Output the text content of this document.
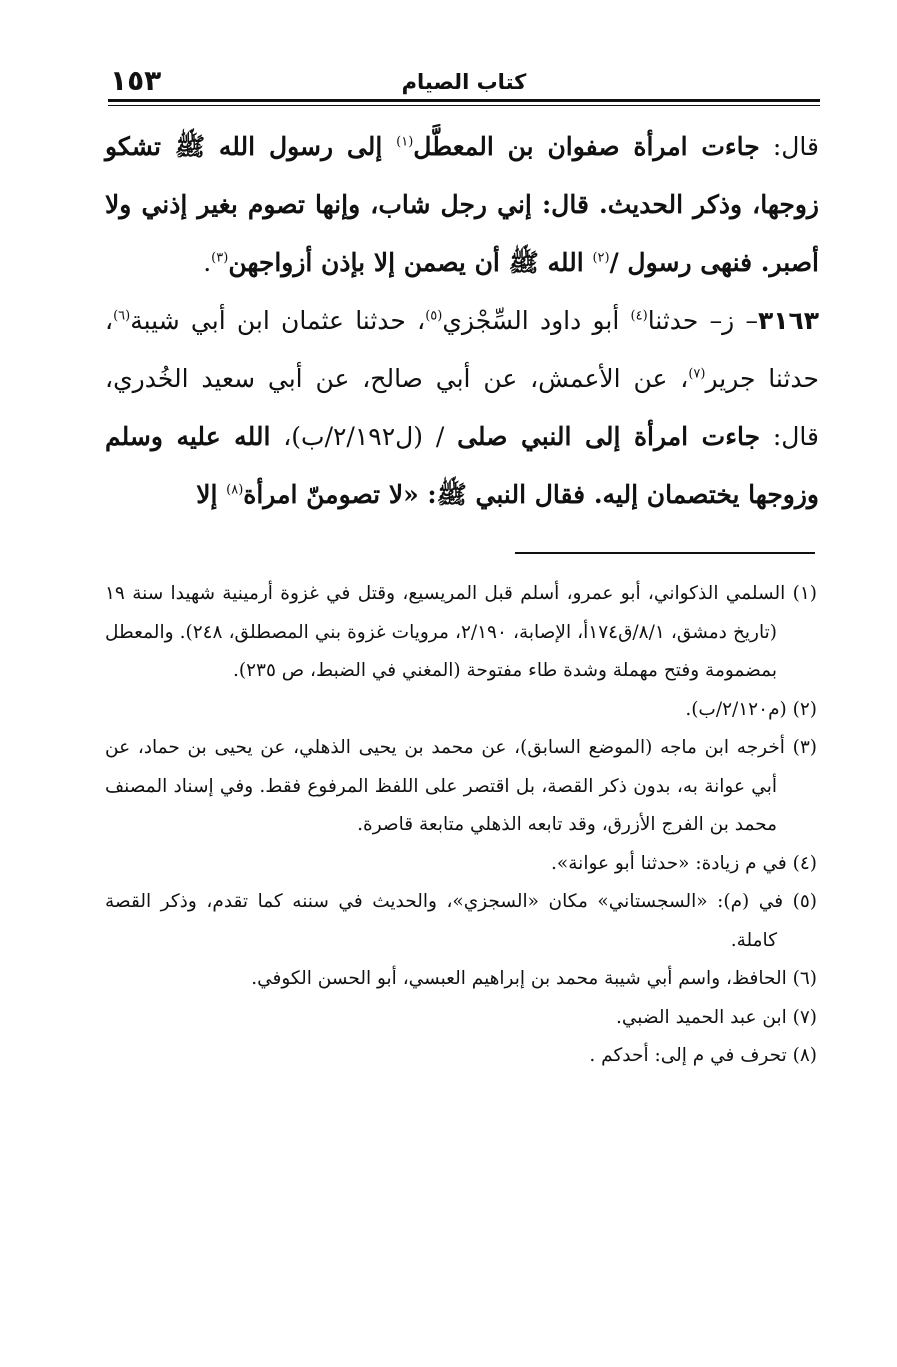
١٥٣	كتاب الصيام

قال: جاءت امرأة صفوان بن المعطَّل$^{(١)}$ إلى رسول الله ﷺ تشكو زوجها، وذكر الحديث. قال: إني رجل شاب، وإنها تصوم بغير إذني ولا أصبر. فنهى رسول /$^{(٢)}$ الله ﷺ أن يصمن إلا بإذن أزواجهن$^{(٣)}$.

٣١٦٣– ز– حدثنا$^{(٤)}$ أبو داود السِّجْزي$^{(٥)}$، حدثنا عثمان ابن أبي شيبة$^{(٦)}$، حدثنا جرير$^{(٧)}$، عن الأعمش، عن أبي صالح، عن أبي سعيد الخُدري، قال: جاءت امرأة إلى النبي صلى / (ل٢/١٩٢/ب)، الله عليه وسلم وزوجها يختصمان إليه. فقال النبي ﷺ: «لا تصومنّ امرأة$^{(٨)}$ إلا

(١) السلمي الذكواني، أبو عمرو، أسلم قبل المريسيع، وقتل في غزوة أرمينية شهيدا سنة ١٩ (تاريخ دمشق، ٨/١/ق١٧٤أ، الإصابة، ٢/١٩٠، مرويات غزوة بني المصطلق، ٢٤٨). والمعطل بمضمومة وفتح مهملة وشدة طاء مفتوحة (المغني في الضبط، ص ٢٣٥).

(٢) (م٢/١٢٠/ب).

(٣) أخرجه ابن ماجه (الموضع السابق)، عن محمد بن يحيى الذهلي، عن يحيى بن حماد، عن أبي عوانة به، بدون ذكر القصة، بل اقتصر على اللفظ المرفوع فقط. وفي إسناد المصنف محمد بن الفرج الأزرق، وقد تابعه الذهلي متابعة قاصرة.

(٤) في م زيادة: «حدثنا أبو عوانة».

(٥) في (م): «السجستاني» مكان «السجزي»، والحديث في سننه كما تقدم، وذكر القصة كاملة.

(٦) الحافظ، واسم أبي شيبة محمد بن إبراهيم العبسي، أبو الحسن الكوفي.

(٧) ابن عبد الحميد الضبي.

(٨) تحرف في م إلى: أحدكم .
